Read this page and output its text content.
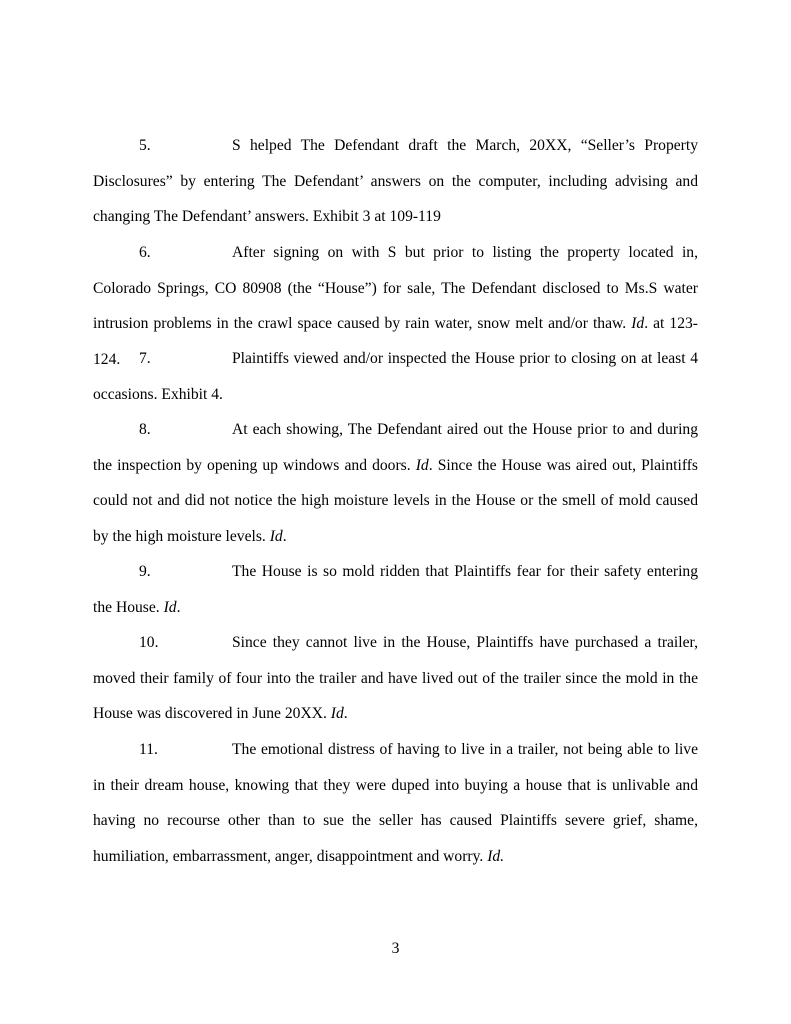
5.	S helped The Defendant draft the March, 20XX, “Seller’s Property Disclosures” by entering The Defendant’ answers on the computer, including advising and changing The Defendant’ answers. Exhibit 3 at 109-119

6.	After signing on with S but prior to listing the property located in, Colorado Springs, CO 80908 (the “House”) for sale, The Defendant disclosed to Ms.S water intrusion problems in the crawl space caused by rain water, snow melt and/or thaw. Id. at 123-124.	7.	Plaintiffs viewed and/or inspected the House prior to closing on at least 4 occasions. Exhibit 4.

8.	At each showing, The Defendant aired out the House prior to and during the inspection by opening up windows and doors. Id. Since the House was aired out, Plaintiffs could not and did not notice the high moisture levels in the House or the smell of mold caused by the high moisture levels. Id.

9.	The House is so mold ridden that Plaintiffs fear for their safety entering the House. Id.

10.	Since they cannot live in the House, Plaintiffs have purchased a trailer, moved their family of four into the trailer and have lived out of the trailer since the mold in the House was discovered in June 20XX. Id.

11.	The emotional distress of having to live in a trailer, not being able to live in their dream house, knowing that they were duped into buying a house that is unlivable and having no recourse other than to sue the seller has caused Plaintiffs severe grief, shame, humiliation, embarrassment, anger, disappointment and worry. Id.

3
